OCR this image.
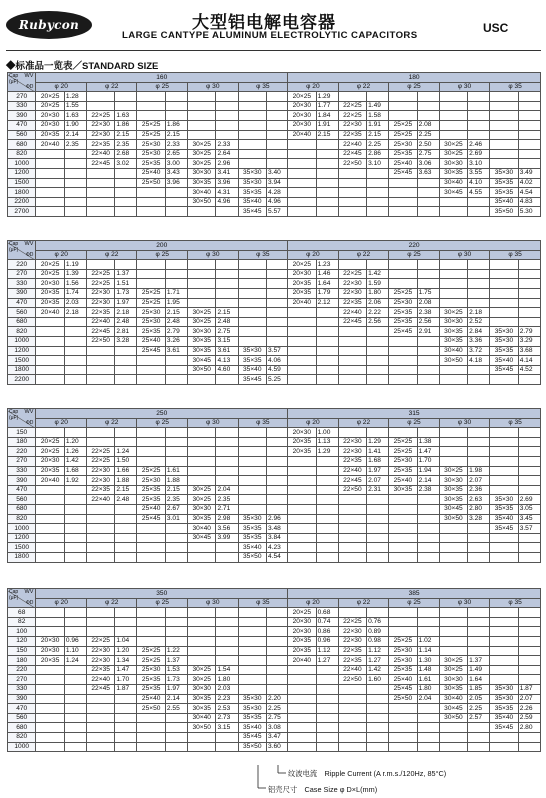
Rubycon	大型铝电解电容器
LARGE CANTYPE ALUMINUM ELECTROLYTIC CAPACITORS
USC
◆标准品一览表／STANDARD SIZE
WV
Cap
(μF)
ΦD	160										180									
	φ 20		φ 22		φ 25		φ 30		φ 35		φ 20		φ 22		φ 25		φ 30		φ 35	
270	20×25	1.28									20×25	1.29								
330	20×25	1.55									20×30	1.77	22×25	1.49						
390	20×30	1.63	22×25	1.63							20×30	1.84	22×25	1.58						
470	20×30	1.90	22×30	1.86	25×25	1.86					20×30	1.91	22×30	1.91	25×25	2.08				
560	20×35	2.14	22×30	2.15	25×25	2.15					20×40	2.15	22×35	2.15	25×25	2.25				
680	20×40	2.35	22×35	2.35	25×30	2.33	30×25	2.33					22×40	2.25	25×30	2.50	30×25	2.46		
820			22×40	2.68	25×30	2.65	30×25	2.64					22×45	2.86	25×35	2.75	30×25	2.69		
1000			22×45	3.02	25×35	3.00	30×25	2.96					22×50	3.10	25×40	3.06	30×30	3.10		
1200					25×40	3.43	30×30	3.41	35×30	3.40					25×45	3.63	30×35	3.55	35×30	3.49
1500					25×50	3.96	30×35	3.96	35×30	3.94							30×40	4.10	35×35	4.02
1800							30×40	4.31	35×35	4.28							30×45	4.55	35×35	4.54
2200							30×50	4.96	35×40	4.96									35×40	4.83
2700									35×45	5.57									35×50	5.30
WV
Cap
(μF)
ΦD	200										220									
	φ 20		φ 22		φ 25		φ 30		φ 35		φ 20		φ 22		φ 25		φ 30		φ 35	
220	20×25	1.19									20×25	1.23								
270	20×25	1.39	22×25	1.37							20×30	1.46	22×25	1.42						
330	20×30	1.56	22×25	1.51							20×35	1.64	22×30	1.59						
390	20×35	1.74	22×30	1.73	25×25	1.71					20×35	1.79	22×30	1.80	25×25	1.75				
470	20×35	2.03	22×30	1.97	25×25	1.95					20×40	2.12	22×35	2.06	25×30	2.08				
560	20×40	2.18	22×35	2.18	25×30	2.15	30×25	2.15					22×40	2.22	25×35	2.38	30×25	2.18		
680			22×40	2.48	25×30	2.48	30×25	2.48					22×45	2.56	25×35	2.56	30×30	2.52		
820			22×45	2.81	25×35	2.79	30×30	2.75							25×45	2.91	30×35	2.84	35×30	2.79
1000			22×50	3.28	25×40	3.26	30×35	3.15									30×35	3.36	35×30	3.29
1200					25×45	3.61	30×35	3.61	35×30	3.57							30×40	3.72	35×35	3.68
1500							30×45	4.13	35×35	4.06							30×50	4.18	35×40	4.14
1800							30×50	4.60	35×40	4.59									35×45	4.52
2200									35×45	5.25										
WV
Cap
(μF)
ΦD	250										315									
	φ 20		φ 22		φ 25		φ 30		φ 35		φ 20		φ 22		φ 25		φ 30		φ 35	
150											20×30	1.00								
180	20×25	1.20									20×35	1.13	22×30	1.29	25×25	1.38				
220	20×25	1.26	22×25	1.24							20×35	1.29	22×30	1.41	25×25	1.47				
270	20×30	1.42	22×25	1.50									22×35	1.68	25×30	1.70				
330	20×35	1.68	22×30	1.66	25×25	1.61							22×40	1.97	25×35	1.94	30×25	1.98		
390	20×40	1.92	22×30	1.88	25×30	1.88							22×45	2.07	25×40	2.14	30×30	2.07		
470			22×35	2.15	25×35	2.15	30×25	2.04					22×50	2.31	30×35	2.38	30×35	2.36		
560			22×40	2.48	25×35	2.35	30×25	2.35									30×35	2.63	35×30	2.69
680					25×40	2.67	30×30	2.71									30×45	2.80	35×35	3.05
820					25×45	3.01	30×35	2.98	35×30	2.96							30×50	3.28	35×40	3.45
1000							30×40	3.56	35×35	3.48									35×45	3.57
1200							30×45	3.99	35×35	3.84										
1500									35×40	4.23										
1800									35×50	4.54										
WV
Cap
(μF)
ΦD	350										385									
	φ 20		φ 22		φ 25		φ 30		φ 35		φ 20		φ 22		φ 25		φ 30		φ 35	
68											20×25	0.68								
82											20×30	0.74	22×25	0.76						
100											20×30	0.86	22×30	0.89						
120	20×30	0.96	22×25	1.04							20×35	0.96	22×30	0.98	25×25	1.02				
150	20×30	1.10	22×30	1.20	25×25	1.22					20×35	1.12	22×35	1.12	25×30	1.14				
180	20×35	1.24	22×30	1.34	25×25	1.37					20×40	1.27	22×35	1.27	25×30	1.30	30×25	1.37		
220			22×35	1.47	25×30	1.53	30×25	1.54					22×40	1.42	25×35	1.48	30×25	1.49		
270			22×40	1.70	25×35	1.73	30×25	1.80					22×50	1.60	25×40	1.61	30×30	1.64		
330			22×45	1.87	25×35	1.97	30×30	2.03							25×45	1.80	30×35	1.85	35×30	1.87
390					25×40	2.14	30×35	2.23	35×30	2.20					25×50	2.04	30×40	2.05	35×30	2.07
470					25×50	2.55	30×35	2.53	35×30	2.25							30×45	2.25	35×35	2.26
560							30×40	2.73	35×35	2.75							30×50	2.57	35×40	2.59
680							30×50	3.15	35×40	3.08									35×45	2.80
820									35×45	3.47										
1000									35×50	3.60										
纹波电流　Ripple Current (A r.m.s./120Hz, 85°C)
铝壳尺寸　Case Size φ D×L(mm)
